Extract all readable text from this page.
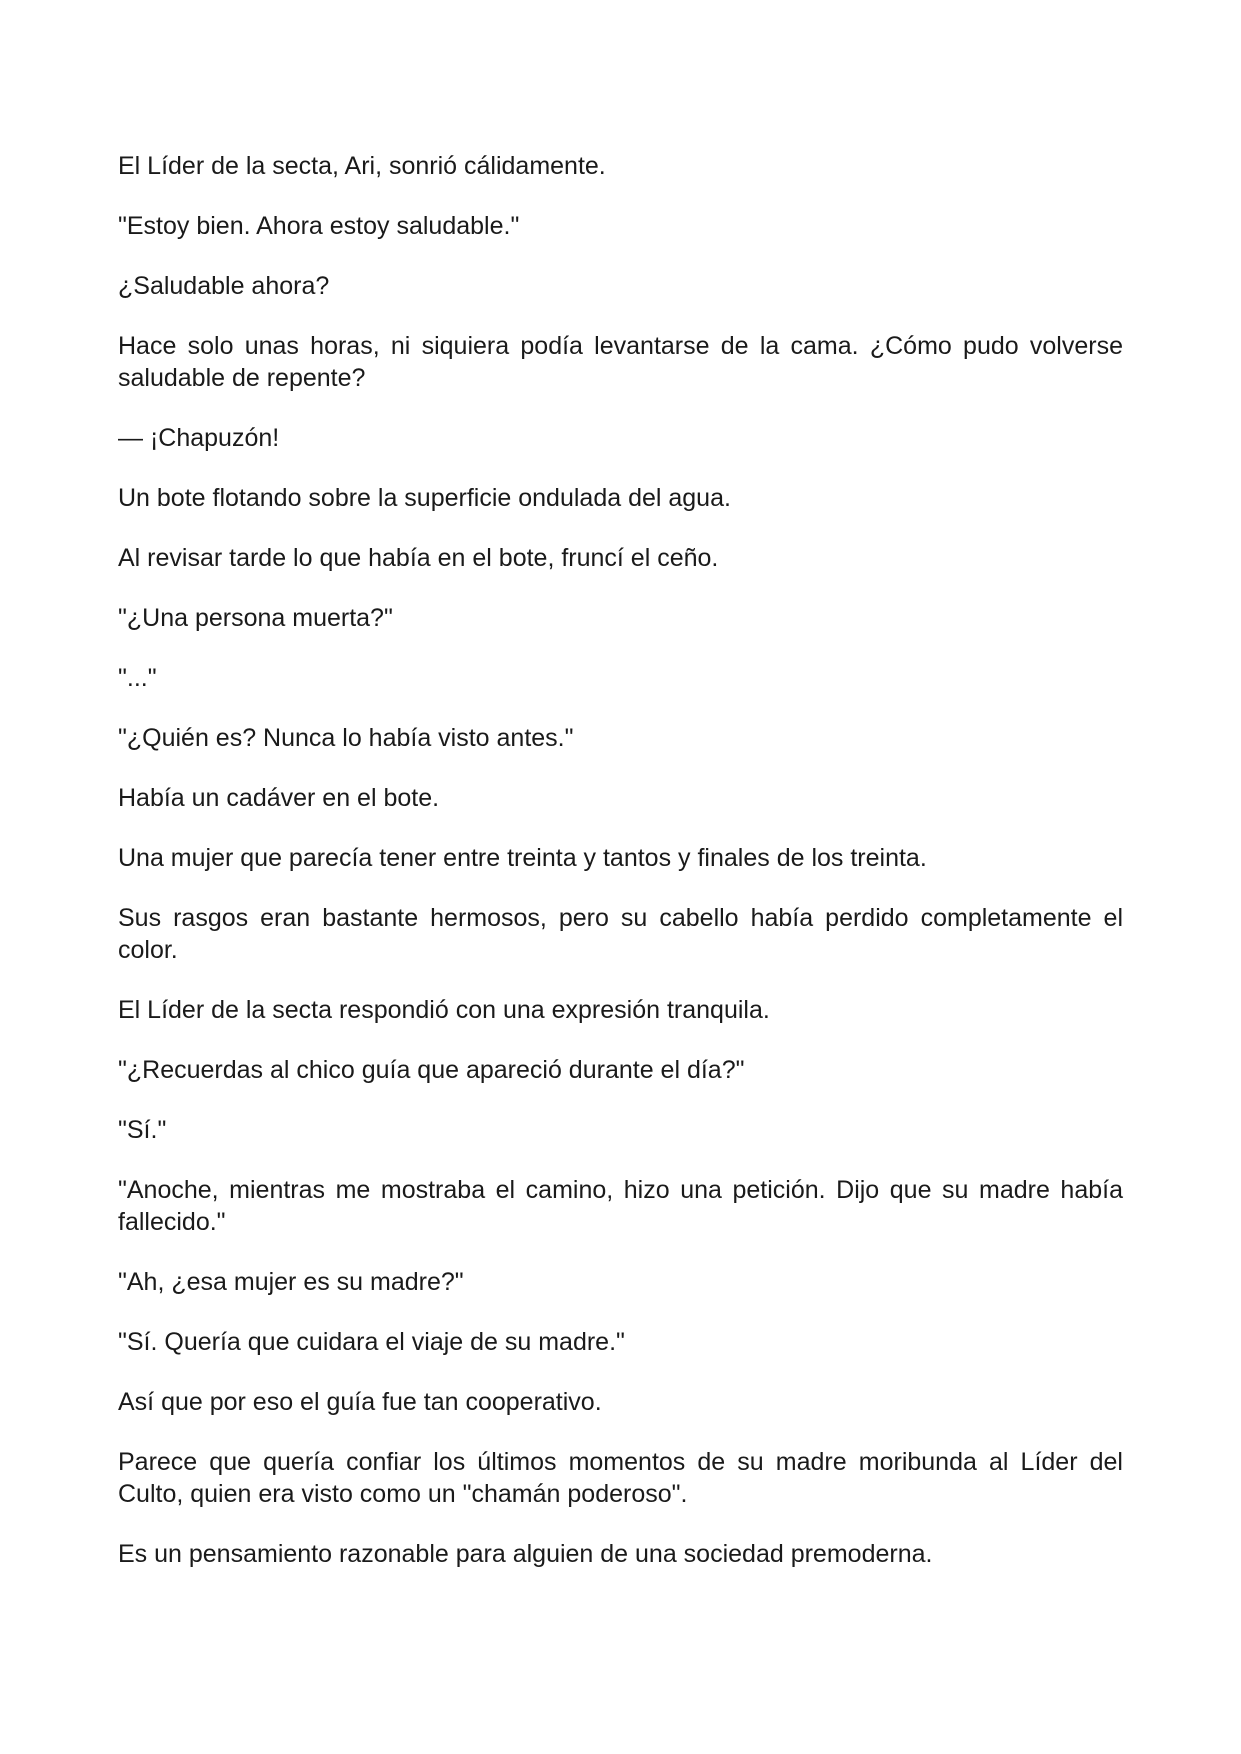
El Líder de la secta, Ari, sonrió cálidamente.

"Estoy bien. Ahora estoy saludable."

¿Saludable ahora?

Hace solo unas horas, ni siquiera podía levantarse de la cama. ¿Cómo pudo volverse saludable de repente?

— ¡Chapuzón!

Un bote flotando sobre la superficie ondulada del agua.

Al revisar tarde lo que había en el bote, fruncí el ceño.

"¿Una persona muerta?"

"..."

"¿Quién es? Nunca lo había visto antes."

Había un cadáver en el bote.

Una mujer que parecía tener entre treinta y tantos y finales de los treinta.

Sus rasgos eran bastante hermosos, pero su cabello había perdido completamente el color.

El Líder de la secta respondió con una expresión tranquila.

"¿Recuerdas al chico guía que apareció durante el día?"

"Sí."

"Anoche, mientras me mostraba el camino, hizo una petición. Dijo que su madre había fallecido."

"Ah, ¿esa mujer es su madre?"

"Sí. Quería que cuidara el viaje de su madre."

Así que por eso el guía fue tan cooperativo.

Parece que quería confiar los últimos momentos de su madre moribunda al Líder del Culto, quien era visto como un "chamán poderoso".

Es un pensamiento razonable para alguien de una sociedad premoderna.
